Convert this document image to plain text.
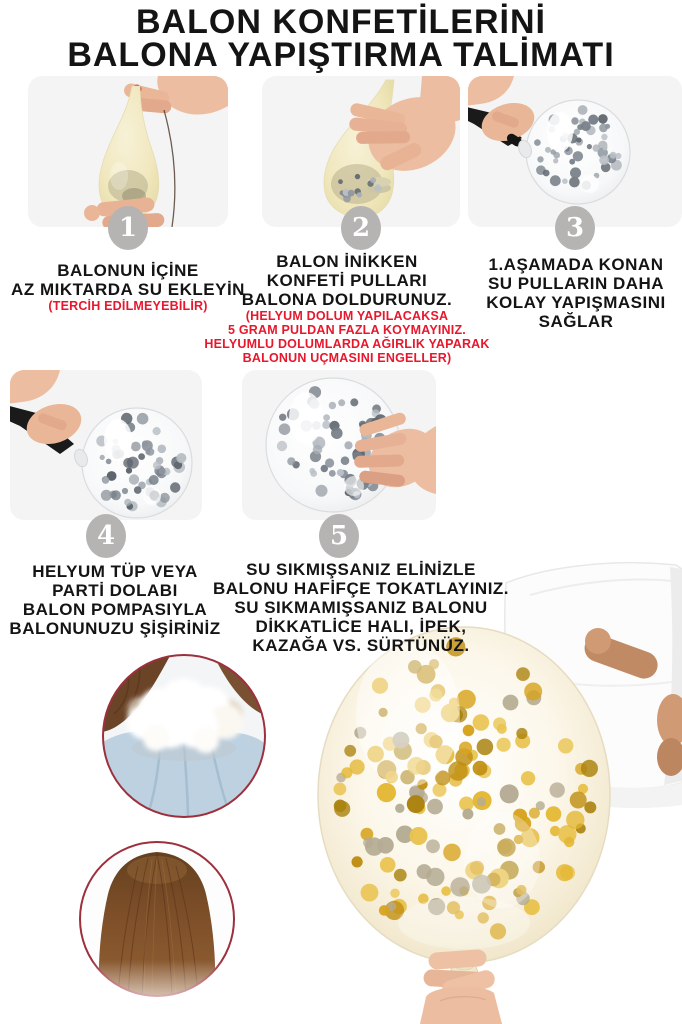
BALON KONFETİLERİNİ
BALONA YAPIŞTIRMA TALİMATI
1	2	3
4	5
BALONUN İÇİNE
AZ MIKTARDA SU EKLEYİN
(TERCİH EDİLMEYEBİLİR)
BALON İNİKKEN
KONFETİ PULLARI
BALONA DOLDURUNUZ.
(HELYUM DOLUM YAPILACAKSA
5 GRAM PULDAN FAZLA KOYMAYINIZ.
HELYUMLU DOLUMLARDA AĞIRLIK YAPARAK
BALONUN UÇMASINI ENGELLER)
1.AŞAMADA KONAN
SU PULLARIN DAHA
KOLAY YAPIŞMASINI
SAĞLAR
HELYUM TÜP VEYA
PARTİ DOLABI
BALON POMPASIYLA
BALONUNUZU ŞİŞİRİNİZ
SU SIKMIŞSANIZ ELİNİZLE
BALONU HAFİFÇE TOKATLAYINIZ.
SU SIKMAMIŞSANIZ BALONU
DİKKATLİCE HALI, İPEK,
KAZAĞA VS. SÜRTÜNÜZ.
